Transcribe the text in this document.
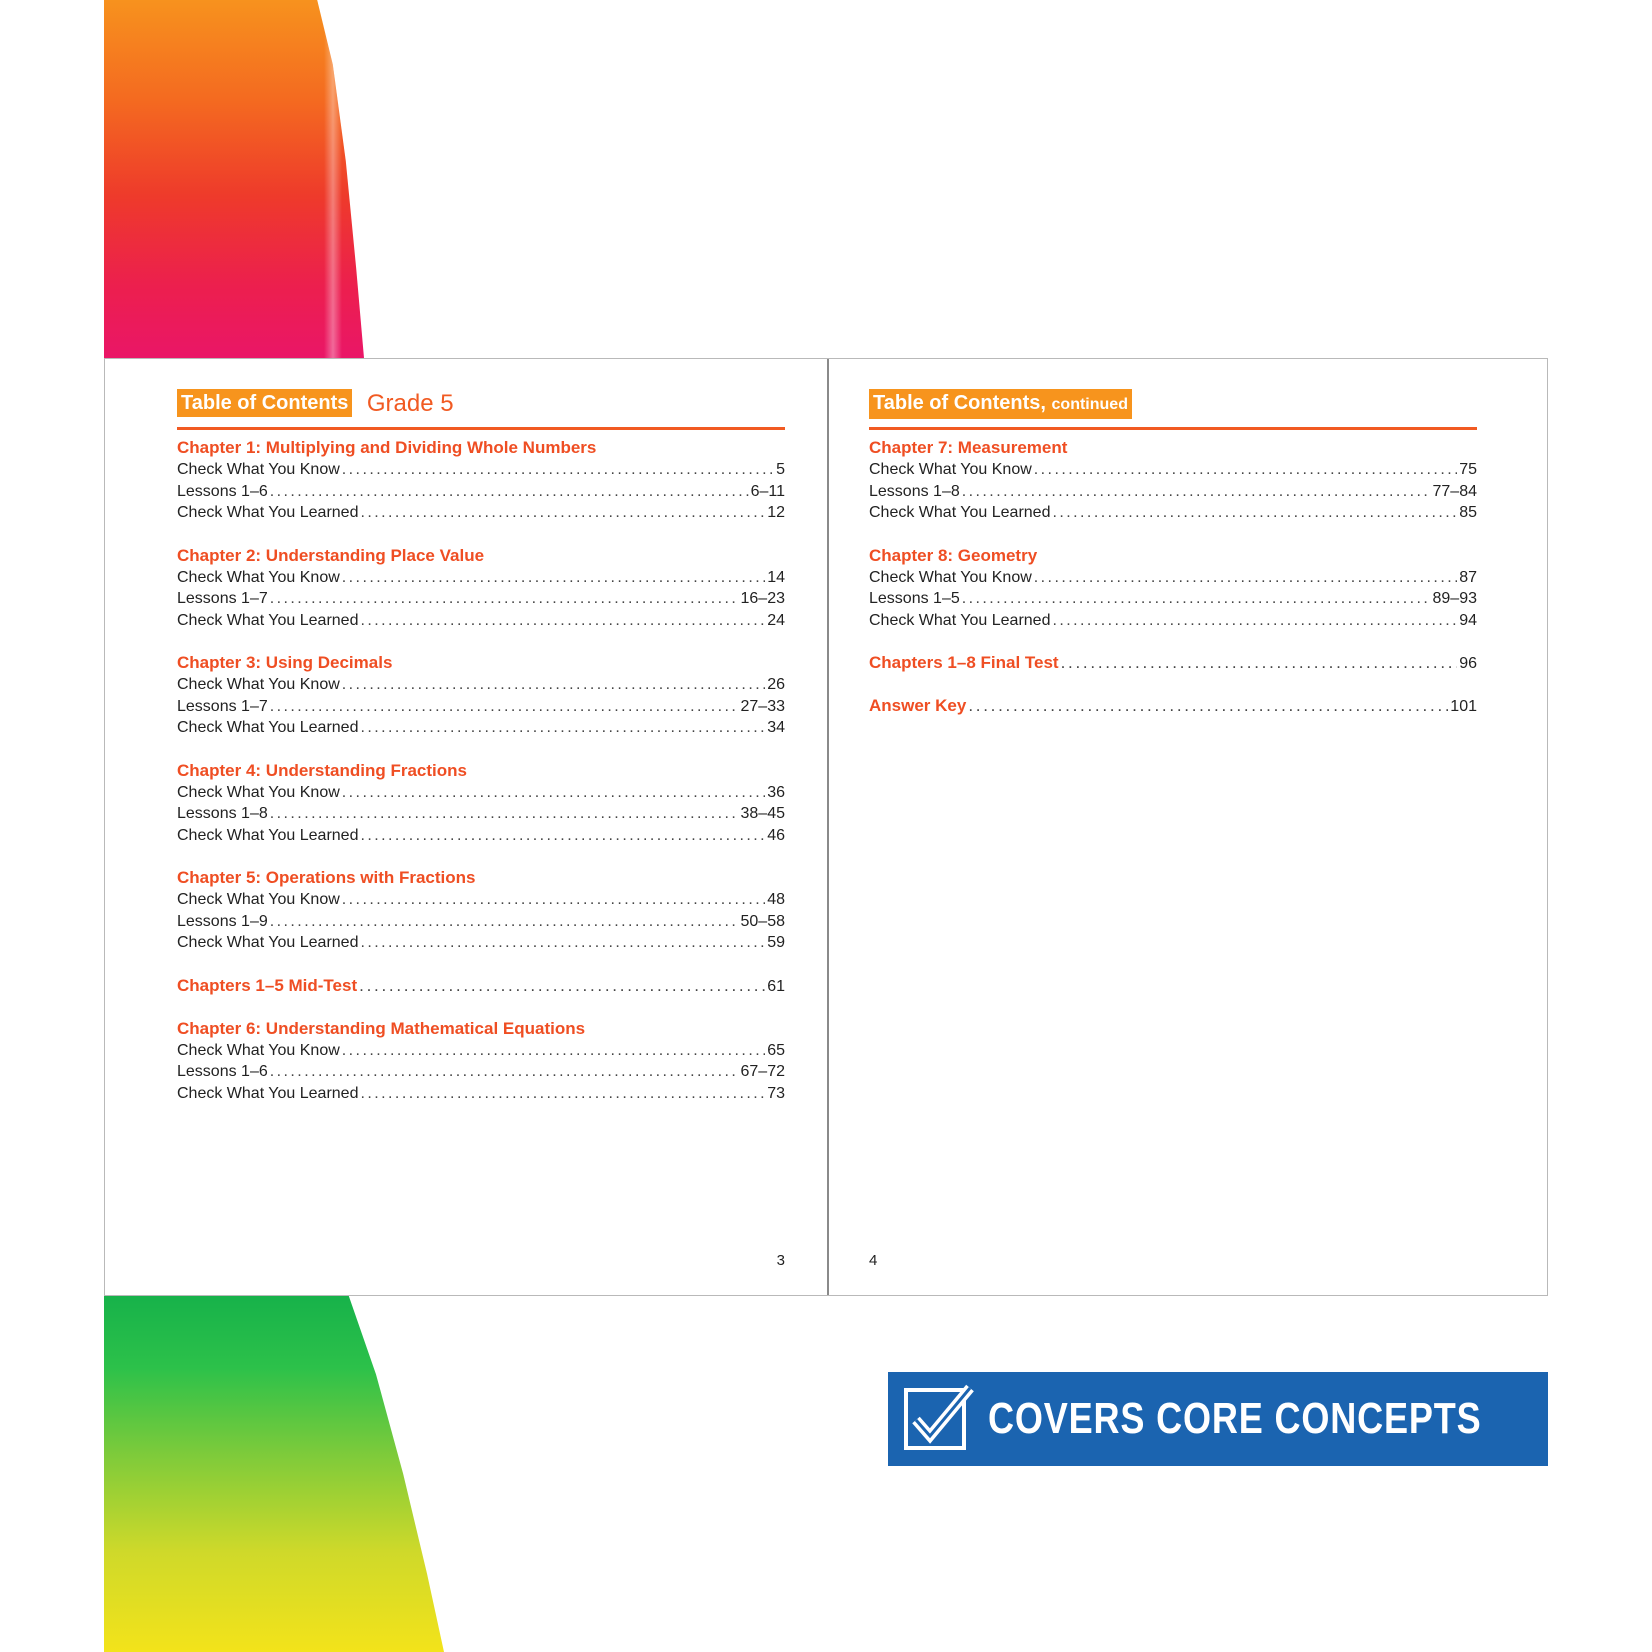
Table of Contents Grade 5
Chapter 1: Multiplying and Dividing Whole Numbers
Check What You Know . . .	5
Lessons 1–6 . . .	6–11
Check What You Learned . . .	12
Chapter 2: Understanding Place Value
Check What You Know . . .	14
Lessons 1–7 . . .	16–23
Check What You Learned . . .	24
Chapter 3: Using Decimals
Check What You Know . . .	26
Lessons 1–7 . . .	27–33
Check What You Learned . . .	34
Chapter 4: Understanding Fractions
Check What You Know . . .	36
Lessons 1–8 . . .	38–45
Check What You Learned . . .	46
Chapter 5: Operations with Fractions
Check What You Know . . .	48
Lessons 1–9 . . .	50–58
Check What You Learned . . .	59
Chapters 1–5 Mid-Test . . .	61
Chapter 6: Understanding Mathematical Equations
Check What You Know . . .	65
Lessons 1–6 . . .	67–72
Check What You Learned . . .	73
3
Table of Contents, continued
Chapter 7: Measurement
Check What You Know . . .	75
Lessons 1–8 . . .	77–84
Check What You Learned . . .	85
Chapter 8: Geometry
Check What You Know . . .	87
Lessons 1–5 . . .	89–93
Check What You Learned . . .	94
Chapters 1–8 Final Test . . .	96
Answer Key . . .	101
4
COVERS CORE CONCEPTS
